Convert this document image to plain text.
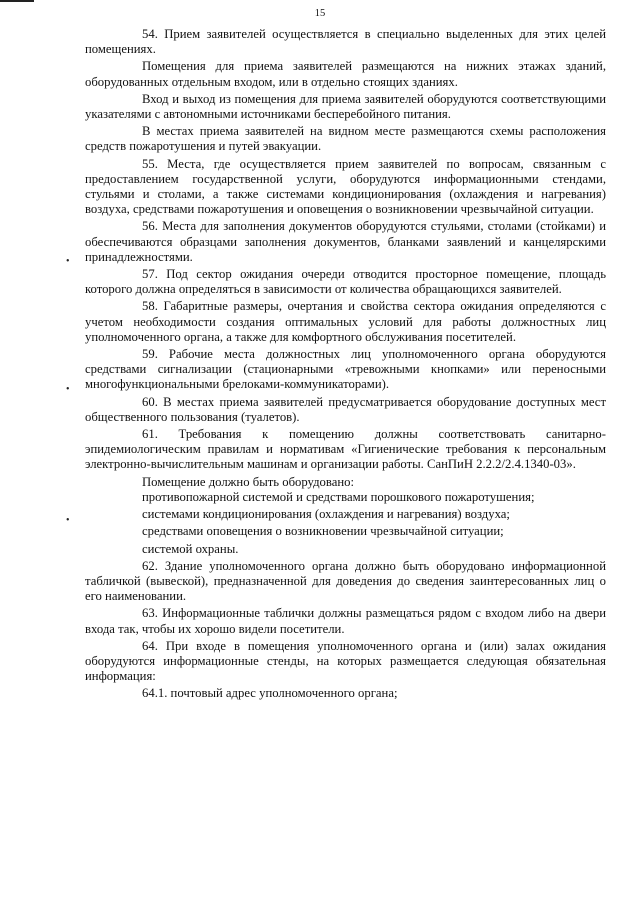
15
•
•
•

54. Прием заявителей осуществляется в специально выделенных для этих целей помещениях.

Помещения для приема заявителей размещаются на нижних этажах зданий, оборудованных отдельным входом, или в отдельно стоящих зданиях.

Вход и выход из помещения для приема заявителей оборудуются соответствующими указателями с автономными источниками бесперебойного питания.

В местах приема заявителей на видном месте размещаются схемы расположения средств пожаротушения и путей эвакуации.

55. Места, где осуществляется прием заявителей по вопросам, связанным с предоставлением государственной услуги, оборудуются информационными стендами, стульями и столами, а также системами кондиционирования (охлаждения и нагревания) воздуха, средствами пожаротушения и оповещения о возникновении чрезвычайной ситуации.

56. Места для заполнения документов оборудуются стульями, столами (стойками) и обеспечиваются образцами заполнения документов, бланками заявлений и канцелярскими принадлежностями.

57. Под сектор ожидания очереди отводится просторное помещение, площадь которого должна определяться в зависимости от количества обращающихся заявителей.

58. Габаритные размеры, очертания и свойства сектора ожидания определяются с учетом необходимости создания оптимальных условий для работы должностных лиц уполномоченного органа, а также для комфортного обслуживания посетителей.

59. Рабочие места должностных лиц уполномоченного органа оборудуются средствами сигнализации (стационарными «тревожными кнопками» или переносными многофункциональными брелоками-коммуникаторами).

60. В местах приема заявителей предусматривается оборудование доступных мест общественного пользования (туалетов).

61. Требования к помещению должны соответствовать санитарно-эпидемиологическим правилам и нормативам «Гигиенические требования к персональным электронно-вычислительным машинам и организации работы. СанПиН 2.2.2/2.4.1340-03».

Помещение должно быть оборудовано:

противопожарной системой и средствами порошкового пожаротушения;

системами кондиционирования (охлаждения и нагревания) воздуха;

средствами оповещения о возникновении чрезвычайной ситуации;

системой охраны.

62. Здание уполномоченного органа должно быть оборудовано информационной табличкой (вывеской), предназначенной для доведения до сведения заинтересованных лиц о его наименовании.

63. Информационные таблички должны размещаться рядом с входом либо на двери входа так, чтобы их хорошо видели посетители.

64. При входе в помещения уполномоченного органа и (или) залах ожидания оборудуются информационные стенды, на которых размещается следующая обязательная информация:

64.1. почтовый адрес уполномоченного органа;
